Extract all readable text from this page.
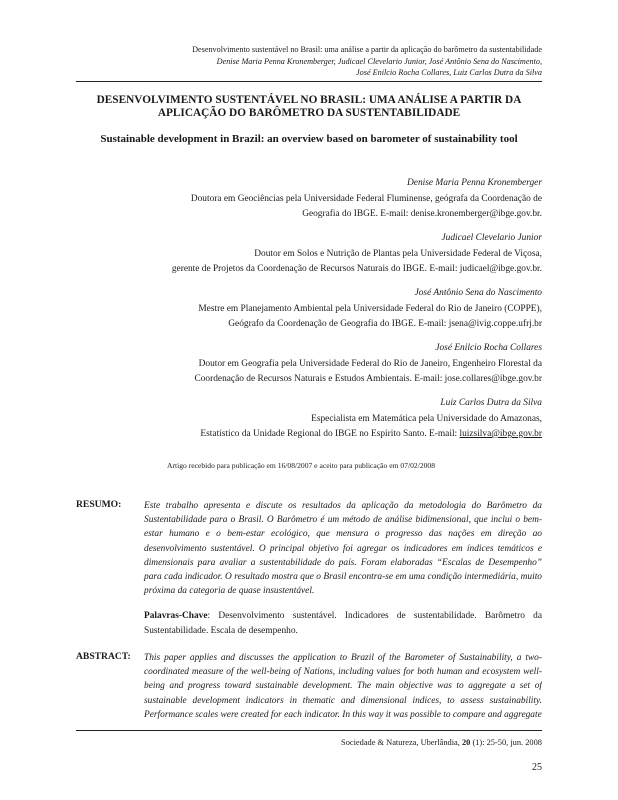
Desenvolvimento sustentável no Brasil: uma análise a partir da aplicação do barômetro da sustentabilidade
Denise Maria Penna Kronemberger, Judicael Clevelario Junior, José Antônio Sena do Nascimento,
José Enilcio Rocha Collares, Luiz Carlos Dutra da Silva
DESENVOLVIMENTO SUSTENTÁVEL NO BRASIL: UMA ANÁLISE A PARTIR DA
APLICAÇÃO DO BARÔMETRO DA SUSTENTABILIDADE
Sustainable development in Brazil: an overview based on barometer of sustainability tool
Denise Maria Penna Kronemberger
Doutora em Geociências pela Universidade Federal Fluminense, geógrafa da Coordenação de
Geografia do IBGE. E-mail: denise.kronemberger@ibge.gov.br.
Judicael Clevelario Junior
Doutor em Solos e Nutrição de Plantas pela Universidade Federal de Viçosa,
gerente de Projetos da Coordenação de Recursos Naturais do IBGE. E-mail: judicael@ibge.gov.br.
José Antônio Sena do Nascimento
Mestre em Planejamento Ambiental pela Universidade Federal do Rio de Janeiro (COPPE),
Geógrafo da Coordenação de Geografia do IBGE. E-mail: jsena@ivig.coppe.ufrj.br
José Enilcio Rocha Collares
Doutor em Geografia pela Universidade Federal do Rio de Janeiro, Engenheiro Florestal da
Coordenação de Recursos Naturais e Estudos Ambientais. E-mail: jose.collares@ibge.gov.br
Luiz Carlos Dutra da Silva
Especialista em Matemática pela Universidade do Amazonas,
Estatístico da Unidade Regional do IBGE no Espírito Santo. E-mail: luizsilva@ibge.gov.br
Artigo recebido para publicação em 16/08/2007 e aceito para publicação em 07/02/2008
RESUMO: Este trabalho apresenta e discute os resultados da aplicação da metodologia do Barômetro da Sustentabilidade para o Brasil. O Barômetro é um método de análise bidimensional, que inclui o bem-estar humano e o bem-estar ecológico, que mensura o progresso das nações em direção ao desenvolvimento sustentável. O principal objetivo foi agregar os indicadores em índices temáticos e dimensionais para avaliar a sustentabilidade do país. Foram elaboradas “Escalas de Desempenho” para cada indicador. O resultado mostra que o Brasil encontra-se em uma condição intermediária, muito próxima da categoria de quase insustentável.
Palavras-Chave: Desenvolvimento sustentável. Indicadores de sustentabilidade. Barômetro da Sustentabilidade. Escala de desempenho.
ABSTRACT: This paper applies and discusses the application to Brazil of the Barometer of Sustainability, a two-coordinated measure of the well-being of Nations, including values for both human and ecosystem well-being and progress toward sustainable development. The main objective was to aggregate a set of sustainable development indicators in thematic and dimensional indices, to assess sustainability. Performance scales were created for each indicator. In this way it was possible to compare and aggregate
Sociedade & Natureza, Uberlândia, 20 (1): 25-50, jun. 2008
25
